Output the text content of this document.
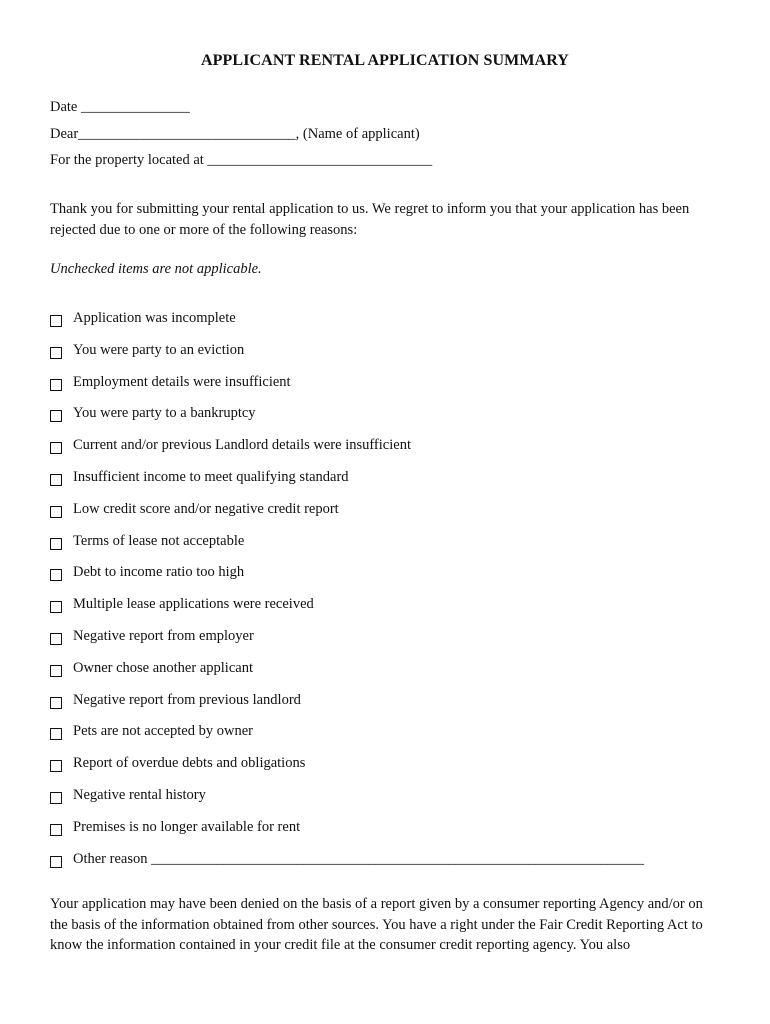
APPLICANT RENTAL APPLICATION SUMMARY
Date _______________
Dear______________________________, (Name of applicant)
For the property located at _______________________________
Thank you for submitting your rental application to us. We regret to inform you that your application has been rejected due to one or more of the following reasons:
Unchecked items are not applicable.
Application was incomplete
You were party to an eviction
Employment details were insufficient
You were party to a bankruptcy
Current and/or previous Landlord details were insufficient
Insufficient income to meet qualifying standard
Low credit score and/or negative credit report
Terms of lease not acceptable
Debt to income ratio too high
Multiple lease applications were received
Negative report from employer
Owner chose another applicant
Negative report from previous landlord
Pets are not accepted by owner
Report of overdue debts and obligations
Negative rental history
Premises is no longer available for rent
Other reason ____________________________________________________________________
Your application may have been denied on the basis of a report given by a consumer reporting Agency and/or on the basis of the information obtained from other sources. You have a right under the Fair Credit Reporting Act to know the information contained in your credit file at the consumer credit reporting agency. You also
